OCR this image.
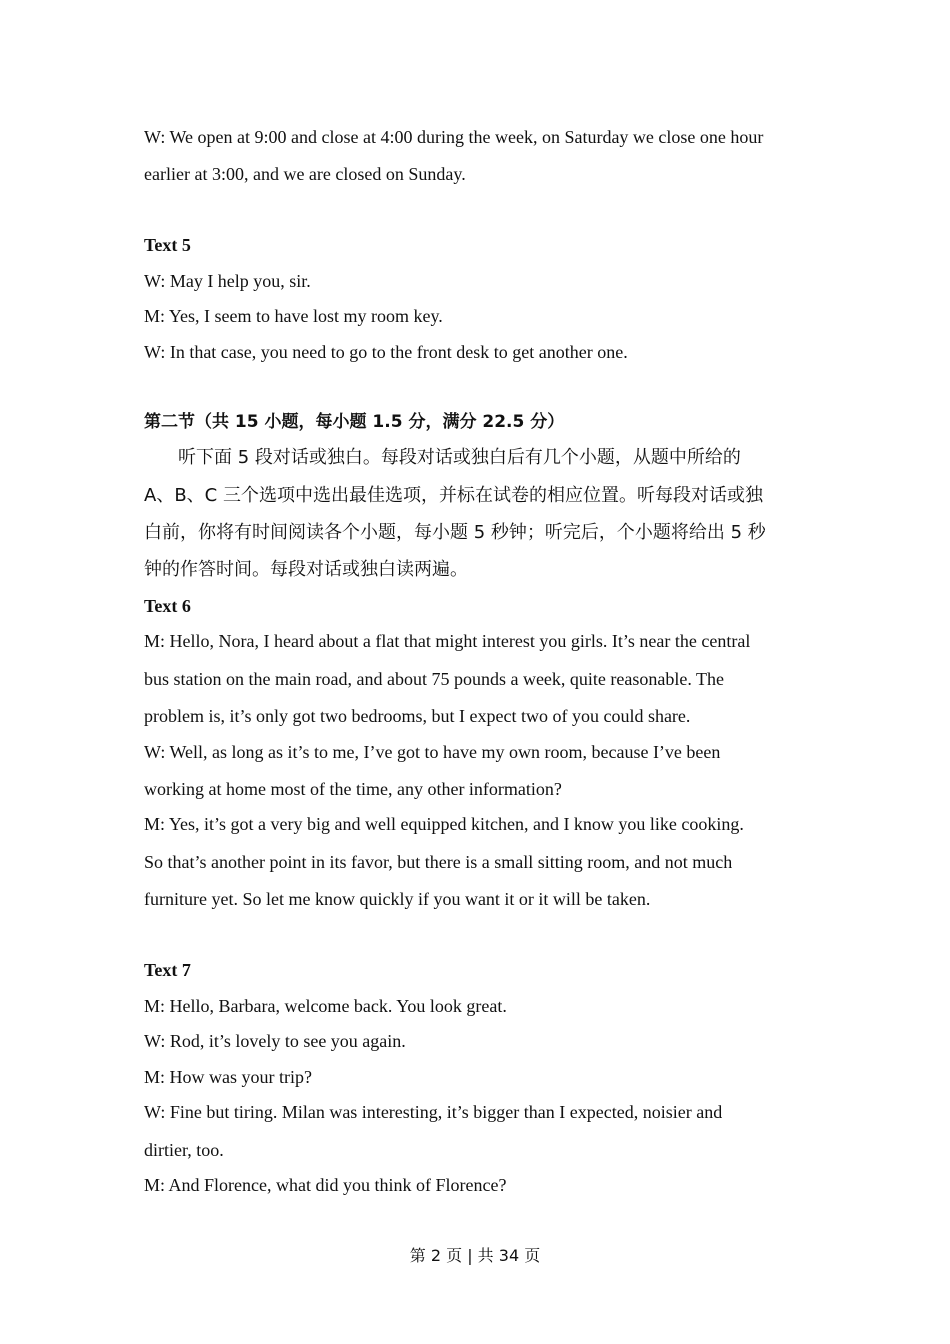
W: We open at 9:00 and close at 4:00 during the week, on Saturday we close one hour
earlier at 3:00, and we are closed on Sunday.
Text 5
W: May I help you, sir.
M: Yes, I seem to have lost my room key.
W: In that case, you need to go to the front desk to get another one.
第二节（共 15 小题，每小题 1.5 分，满分 22.5 分）
听下面 5 段对话或独白。每段对话或独白后有几个小题，从题中所给的
A、B、C 三个选项中选出最佳选项，并标在试卷的相应位置。听每段对话或独
白前，你将有时间阅读各个小题，每小题 5 秒钟；听完后，个小题将给出 5 秒
钟的作答时间。每段对话或独白读两遍。
Text 6
M: Hello, Nora, I heard about a flat that might interest you girls. It’s near the central
bus station on the main road, and about 75 pounds a week, quite reasonable. The
problem is, it’s only got two bedrooms, but I expect two of you could share.
W: Well, as long as it’s to me, I’ve got to have my own room, because I’ve been
working at home most of the time, any other information?
M: Yes, it’s got a very big and well equipped kitchen, and I know you like cooking.
So that’s another point in its favor, but there is a small sitting room, and not much
furniture yet. So let me know quickly if you want it or it will be taken.
Text 7
M: Hello, Barbara, welcome back. You look great.
W: Rod, it’s lovely to see you again.
M: How was your trip?
W: Fine but tiring. Milan was interesting, it’s bigger than I expected, noisier and
dirtier, too.
M: And Florence, what did you think of Florence?
第 2 页 | 共 34 页
